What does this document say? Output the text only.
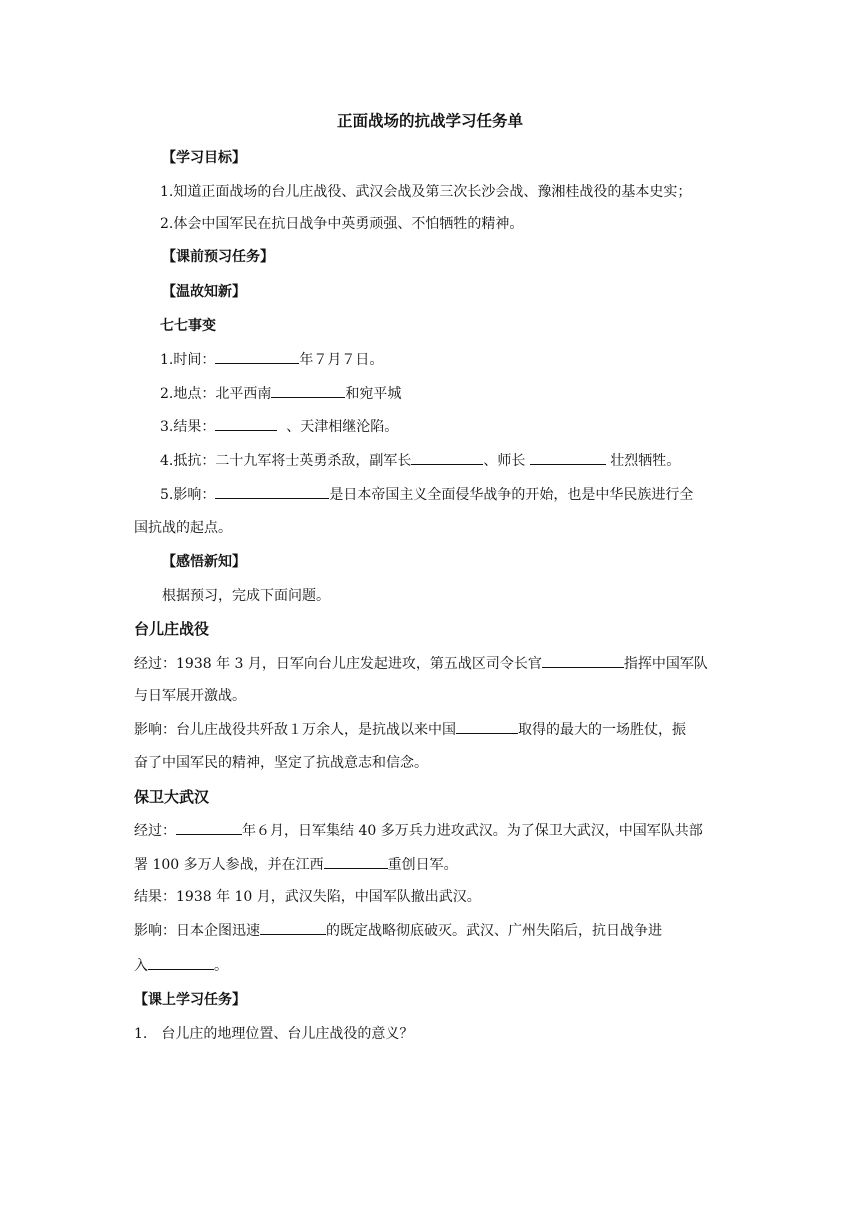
正面战场的抗战学习任务单
【学习目标】
1.知道正面战场的台儿庄战役、武汉会战及第三次长沙会战、豫湘桂战役的基本史实；
2.体会中国军民在抗日战争中英勇顽强、不怕牺牲的精神。
【课前预习任务】
【温故知新】
七七事变
1.时间：	年７月７日。
2.地点：北平西南	和宛平城
3.结果：	、天津相继沦陷。
4.抵抗：二十九军将士英勇杀敌，副军长	、师长	壮烈牺牲。
5.影响：	是日本帝国主义全面侵华战争的开始，也是中华民族进行全
国抗战的起点。
【感悟新知】
根据预习，完成下面问题。
台儿庄战役
经过：1938 年 3 月，日军向台儿庄发起进攻，第五战区司令长官	指挥中国军队
与日军展开激战。
影响：台儿庄战役共歼敌１万余人，是抗战以来中国	取得的最大的一场胜仗，振
奋了中国军民的精神，坚定了抗战意志和信念。
保卫大武汉
经过：	年６月，日军集结 40 多万兵力进攻武汉。为了保卫大武汉，中国军队共部
署 100 多万人参战，并在江西	重创日军。
结果：1938 年 10 月，武汉失陷，中国军队撤出武汉。
影响：日本企图迅速	的既定战略彻底破灭。武汉、广州失陷后，抗日战争进
入	。
【课上学习任务】
1.　台儿庄的地理位置、台儿庄战役的意义？
